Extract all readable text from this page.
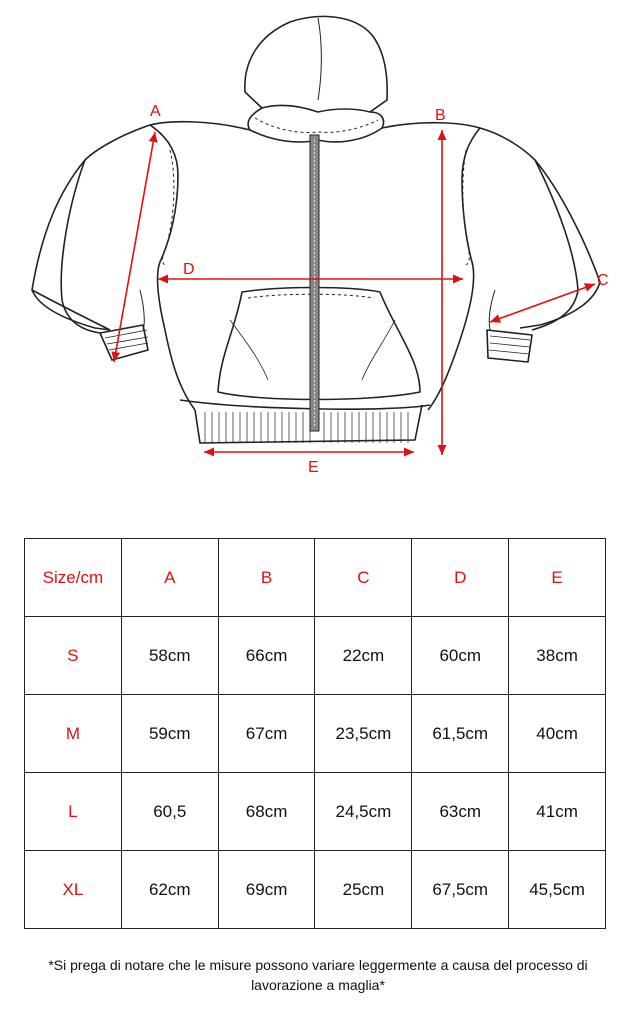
A	B
C
D
E
Size/cm	A	B	C	D	E
S	58cm	66cm	22cm	60cm	38cm
M	59cm	67cm	23,5cm	61,5cm	40cm
L	60,5	68cm	24,5cm	63cm	41cm
XL	62cm	69cm	25cm	67,5cm	45,5cm
*Si prega di notare che le misure possono variare leggermente a causa del processo di
lavorazione a maglia*
